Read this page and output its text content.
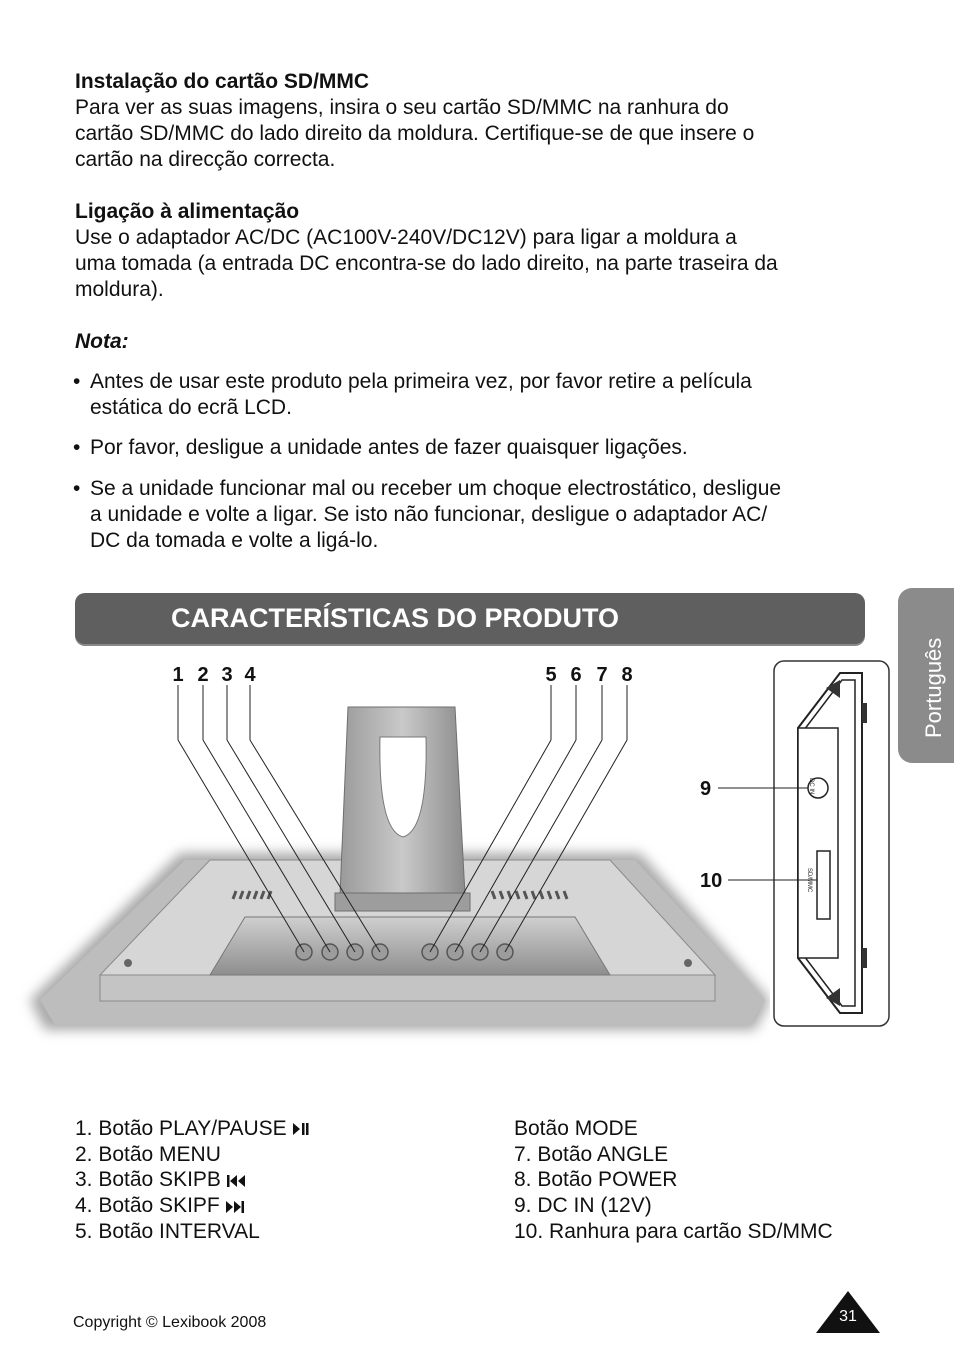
Instalação do cartão SD/MMC
Para ver as suas imagens, insira o seu cartão SD/MMC na ranhura do
cartão SD/MMC do lado direito da moldura. Certifique-se de que insere o
cartão na direcção correcta.
Ligação à alimentação
Use o adaptador AC/DC (AC100V-240V/DC12V) para ligar a moldura a
uma tomada (a entrada DC encontra-se do lado direito, na parte traseira da
moldura).
Nota:
• Antes de usar este produto pela primeira vez, por favor retire a película
estática do ecrã LCD.
• Por favor, desligue a unidade antes de fazer quaisquer ligações.
• Se a unidade funcionar mal ou receber um choque electrostático, desligue
a unidade e volte a ligar. Se isto não funcionar, desligue o adaptador AC/
DC da tomada e volte a ligá-lo.
CARACTERÍSTICAS DO PRODUTO
Português
1 2 3 4	5 6 7 8
DC IN
SD/MMC
9
10
1. Botão PLAY/PAUSE
2. Botão MENU
3. Botão SKIPB
4. Botão SKIPF
5. Botão INTERVAL
Botão MODE
7. Botão ANGLE
8. Botão POWER
9. DC IN (12V)
10. Ranhura para cartão SD/MMC
Copyright © Lexibook 2008	31
